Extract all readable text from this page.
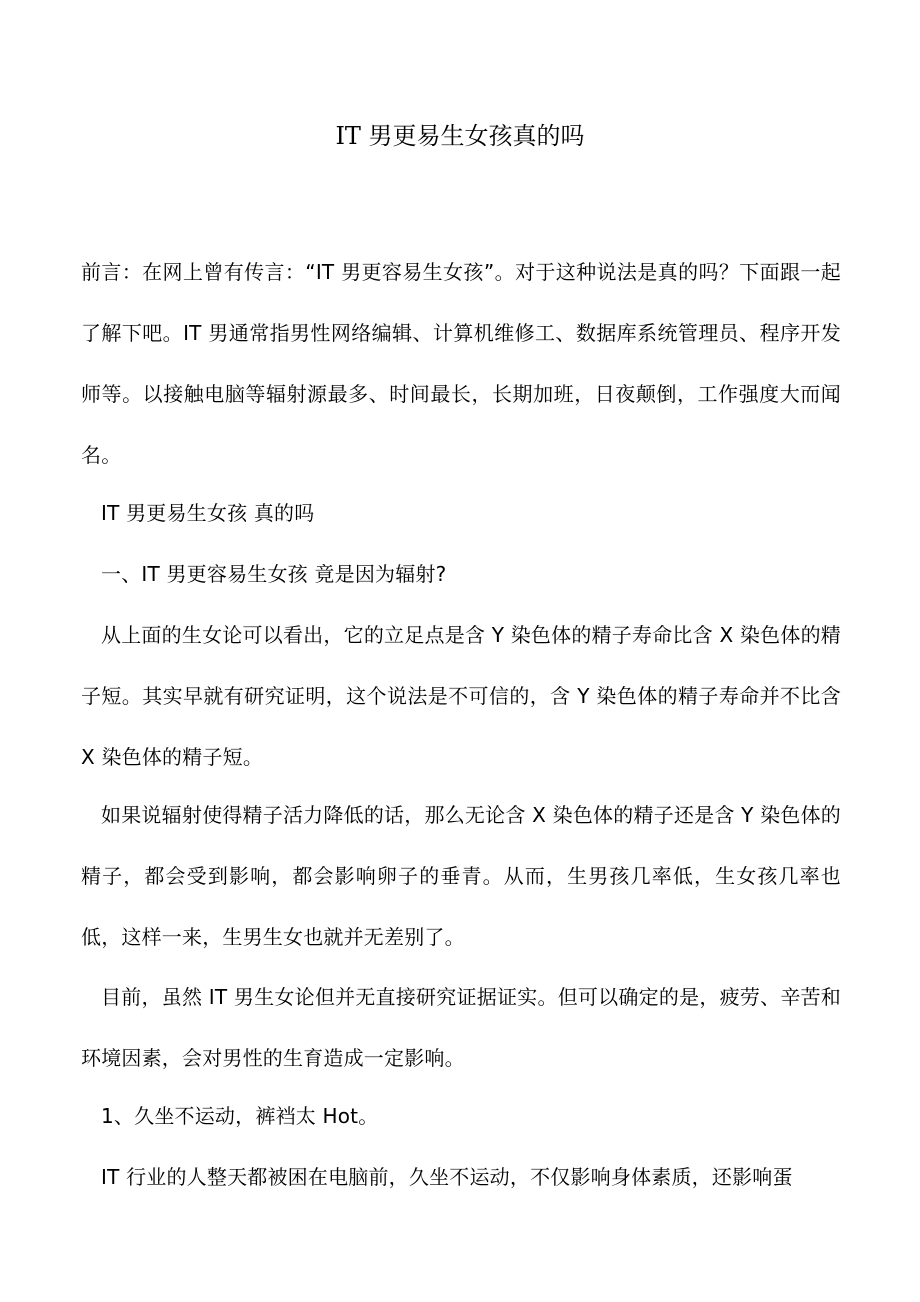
IT 男更易生女孩真的吗

前言：在网上曾有传言：“IT 男更容易生女孩”。对于这种说法是真的吗？下面跟一起了解下吧。IT 男通常指男性网络编辑、计算机维修工、数据库系统管理员、程序开发师等。以接触电脑等辐射源最多、时间最长，长期加班，日夜颠倒，工作强度大而闻名。

IT 男更易生女孩 真的吗

一、IT 男更容易生女孩 竟是因为辐射?

从上面的生女论可以看出，它的立足点是含 Y 染色体的精子寿命比含 X 染色体的精子短。其实早就有研究证明，这个说法是不可信的，含 Y 染色体的精子寿命并不比含 X 染色体的精子短。

如果说辐射使得精子活力降低的话，那么无论含 X 染色体的精子还是含 Y 染色体的精子，都会受到影响，都会影响卵子的垂青。从而，生男孩几率低，生女孩几率也低，这样一来，生男生女也就并无差别了。

目前，虽然 IT 男生女论但并无直接研究证据证实。但可以确定的是，疲劳、辛苦和环境因素，会对男性的生育造成一定影响。

1、久坐不运动，裤裆太 Hot。

IT 行业的人整天都被困在电脑前，久坐不运动，不仅影响身体素质，还影响蛋
